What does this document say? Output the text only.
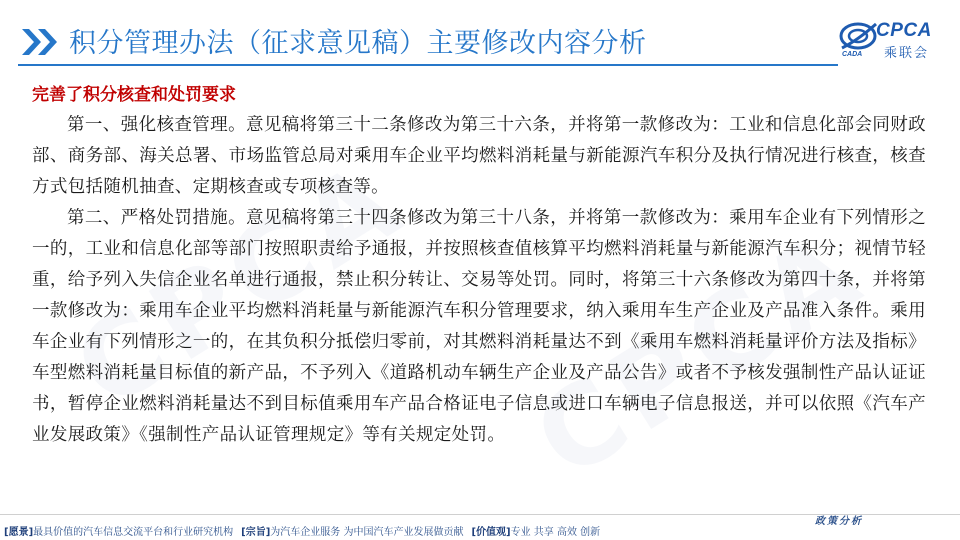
积分管理办法（征求意见稿）主要修改内容分析	CPCA
乘联会
CADA
完善了积分核查和处罚要求

第一、强化核查管理。意见稿将第三十二条修改为第三十六条，并将第一款修改为：工业和信息化部会同财政部、商务部、海关总署、市场监管总局对乘用车企业平均燃料消耗量与新能源汽车积分及执行情况进行核查，核查方式包括随机抽查、定期核查或专项核查等。

第二、严格处罚措施。意见稿将第三十四条修改为第三十八条，并将第一款修改为：乘用车企业有下列情形之一的，工业和信息化部等部门按照职责给予通报，并按照核查值核算平均燃料消耗量与新能源汽车积分；视情节轻重，给予列入失信企业名单进行通报，禁止积分转让、交易等处罚。同时，将第三十六条修改为第四十条，并将第一款修改为：乘用车企业平均燃料消耗量与新能源汽车积分管理要求，纳入乘用车生产企业及产品准入条件。乘用车企业有下列情形之一的，在其负积分抵偿归零前，对其燃料消耗量达不到《乘用车燃料消耗量评价方法及指标》车型燃料消耗量目标值的新产品，不予列入《道路机动车辆生产企业及产品公告》或者不予核发强制性产品认证证书，暂停企业燃料消耗量达不到目标值乘用车产品合格证电子信息或进口车辆电子信息报送，并可以依照《汽车产业发展政策》《强制性产品认证管理规定》等有关规定处罚。

政策分析
[愿景]最具价值的汽车信息交流平台和行业研究机构 [宗旨]为汽车企业服务 为中国汽车产业发展做贡献 [价值观]专业 共享 高效 创新
